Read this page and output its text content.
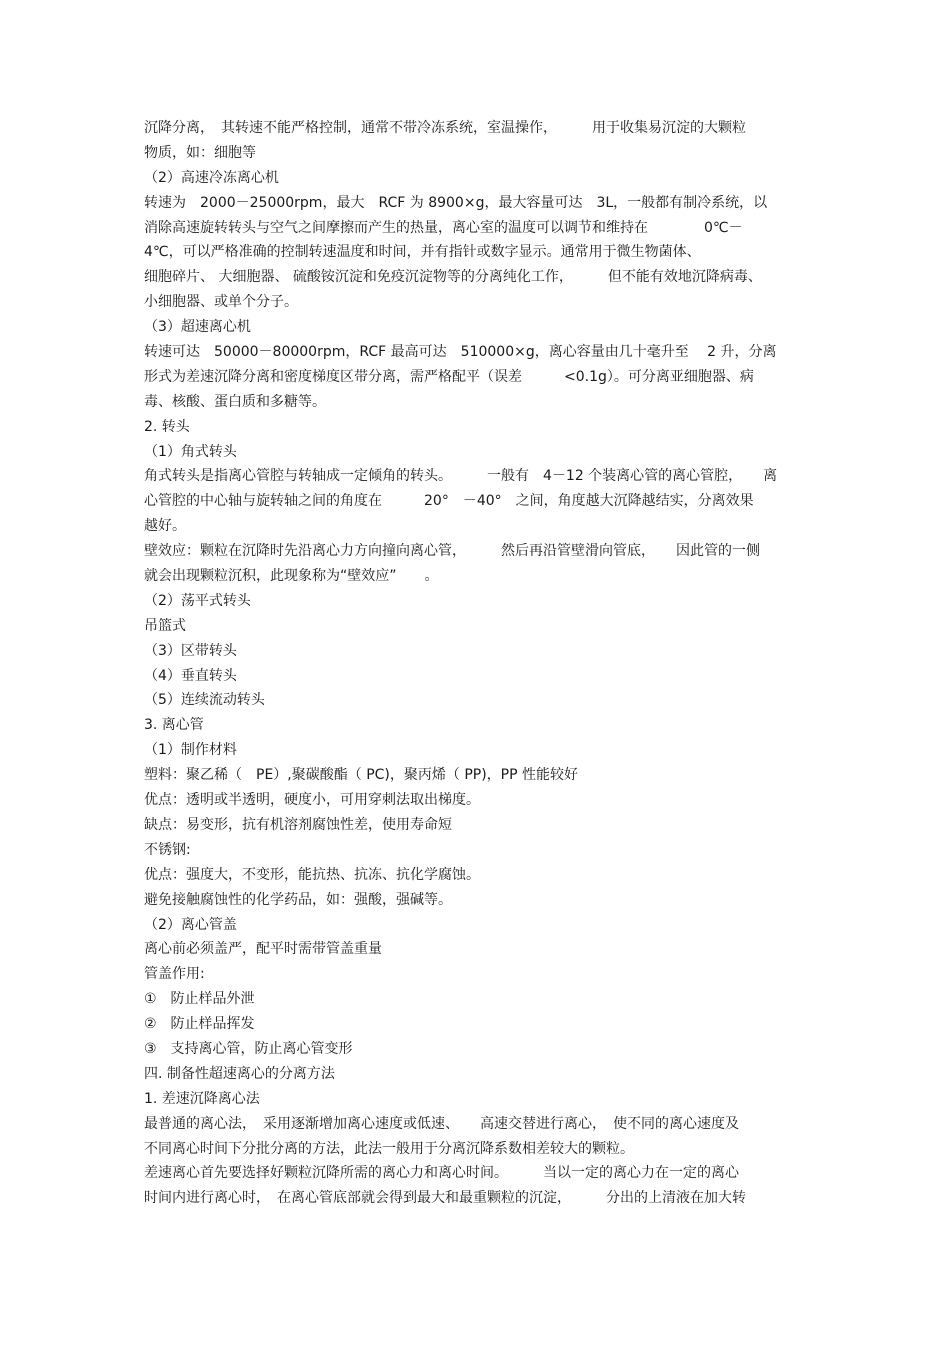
沉降分离，　其转速不能严格控制，通常不带冷冻系统，室温操作，　　　用于收集易沉淀的大颗粒
物质，如：细胞等
（2）高速冷冻离心机
转速为　2000－25000rpm，最大　RCF 为 8900×g，最大容量可达　3L，一般都有制冷系统，以
消除高速旋转转头与空气之间摩擦而产生的热量，离心室的温度可以调节和维持在　　　　0℃－
4℃，可以严格准确的控制转速温度和时间，并有指针或数字显示。通常用于微生物菌体、
细胞碎片、 大细胞器、 硫酸铵沉淀和免疫沉淀物等的分离纯化工作，　　　但不能有效地沉降病毒、
小细胞器、或单个分子。
（3）超速离心机
转速可达　50000－80000rpm，RCF 最高可达　510000×g，离心容量由几十毫升至　 2 升，分离
形式为差速沉降分离和密度梯度区带分离，需严格配平（误差　　　<0.1g）。可分离亚细胞器、病
毒、核酸、蛋白质和多糖等。
2. 转头
（1）角式转头
角式转头是指离心管腔与转轴成一定倾角的转头。　　　一般有　4－12 个装离心管的离心管腔，　　离
心管腔的中心轴与旋转轴之间的角度在　　　20°　－40°　之间，角度越大沉降越结实，分离效果
越好。
壁效应：颗粒在沉降时先沿离心力方向撞向离心管，　　　然后再沿管壁滑向管底，　　因此管的一侧
就会出现颗粒沉积，此现象称为“壁效应”　　。
（2）荡平式转头
吊篮式
（3）区带转头
（4）垂直转头
（5）连续流动转头
3. 离心管
（1）制作材料
塑料：聚乙稀（　PE）,聚碳酸酯（ PC)，聚丙烯（ PP)，PP 性能较好
优点：透明或半透明，硬度小，可用穿刺法取出梯度。
缺点：易变形，抗有机溶剂腐蚀性差，使用寿命短
不锈钢:
优点：强度大，不变形，能抗热、抗冻、抗化学腐蚀。
避免接触腐蚀性的化学药品，如：强酸，强碱等。
（2）离心管盖
离心前必须盖严，配平时需带管盖重量
管盖作用:
①　防止样品外泄
②　防止样品挥发
③　支持离心管，防止离心管变形
四. 制备性超速离心的分离方法
1. 差速沉降离心法
最普通的离心法，　采用逐渐增加离心速度或低速、　　高速交替进行离心，　使不同的离心速度及
不同离心时间下分批分离的方法，此法一般用于分离沉降系数相差较大的颗粒。
差速离心首先要选择好颗粒沉降所需的离心力和离心时间。　　　当以一定的离心力在一定的离心
时间内进行离心时，　在离心管底部就会得到最大和最重颗粒的沉淀，　　　分出的上清液在加大转
